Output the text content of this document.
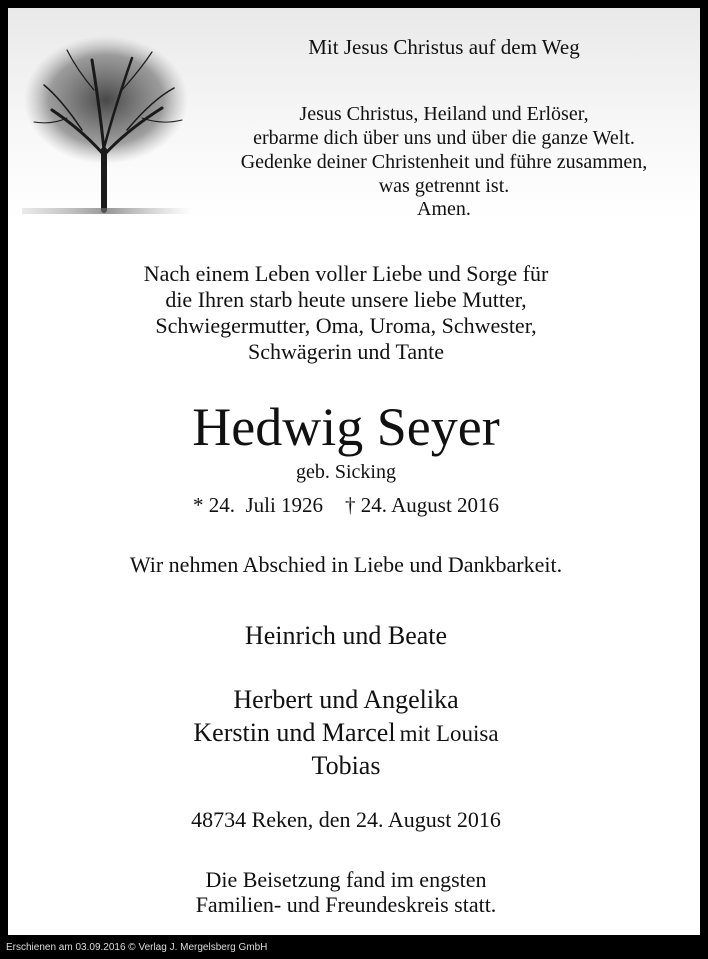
Mit Jesus Christus auf dem Weg
Jesus Christus, Heiland und Erlöser,
erbarme dich über uns und über die ganze Welt.
Gedenke deiner Christenheit und führe zusammen,
was getrennt ist.
Amen.
Nach einem Leben voller Liebe und Sorge für
die Ihren starb heute unsere liebe Mutter,
Schwiegermutter, Oma, Uroma, Schwester,
Schwägerin und Tante
Hedwig Seyer
geb. Sicking
* 24.  Juli 1926 † 24. August 2016
Wir nehmen Abschied in Liebe und Dankbarkeit.
Heinrich und Beate
Herbert und Angelika
Kerstin und Marcel mit Louisa
Tobias
48734 Reken, den 24. August 2016
Die Beisetzung fand im engsten
Familien- und Freundeskreis statt.
Erschienen am 03.09.2016 © Verlag J. Mergelsberg GmbH
